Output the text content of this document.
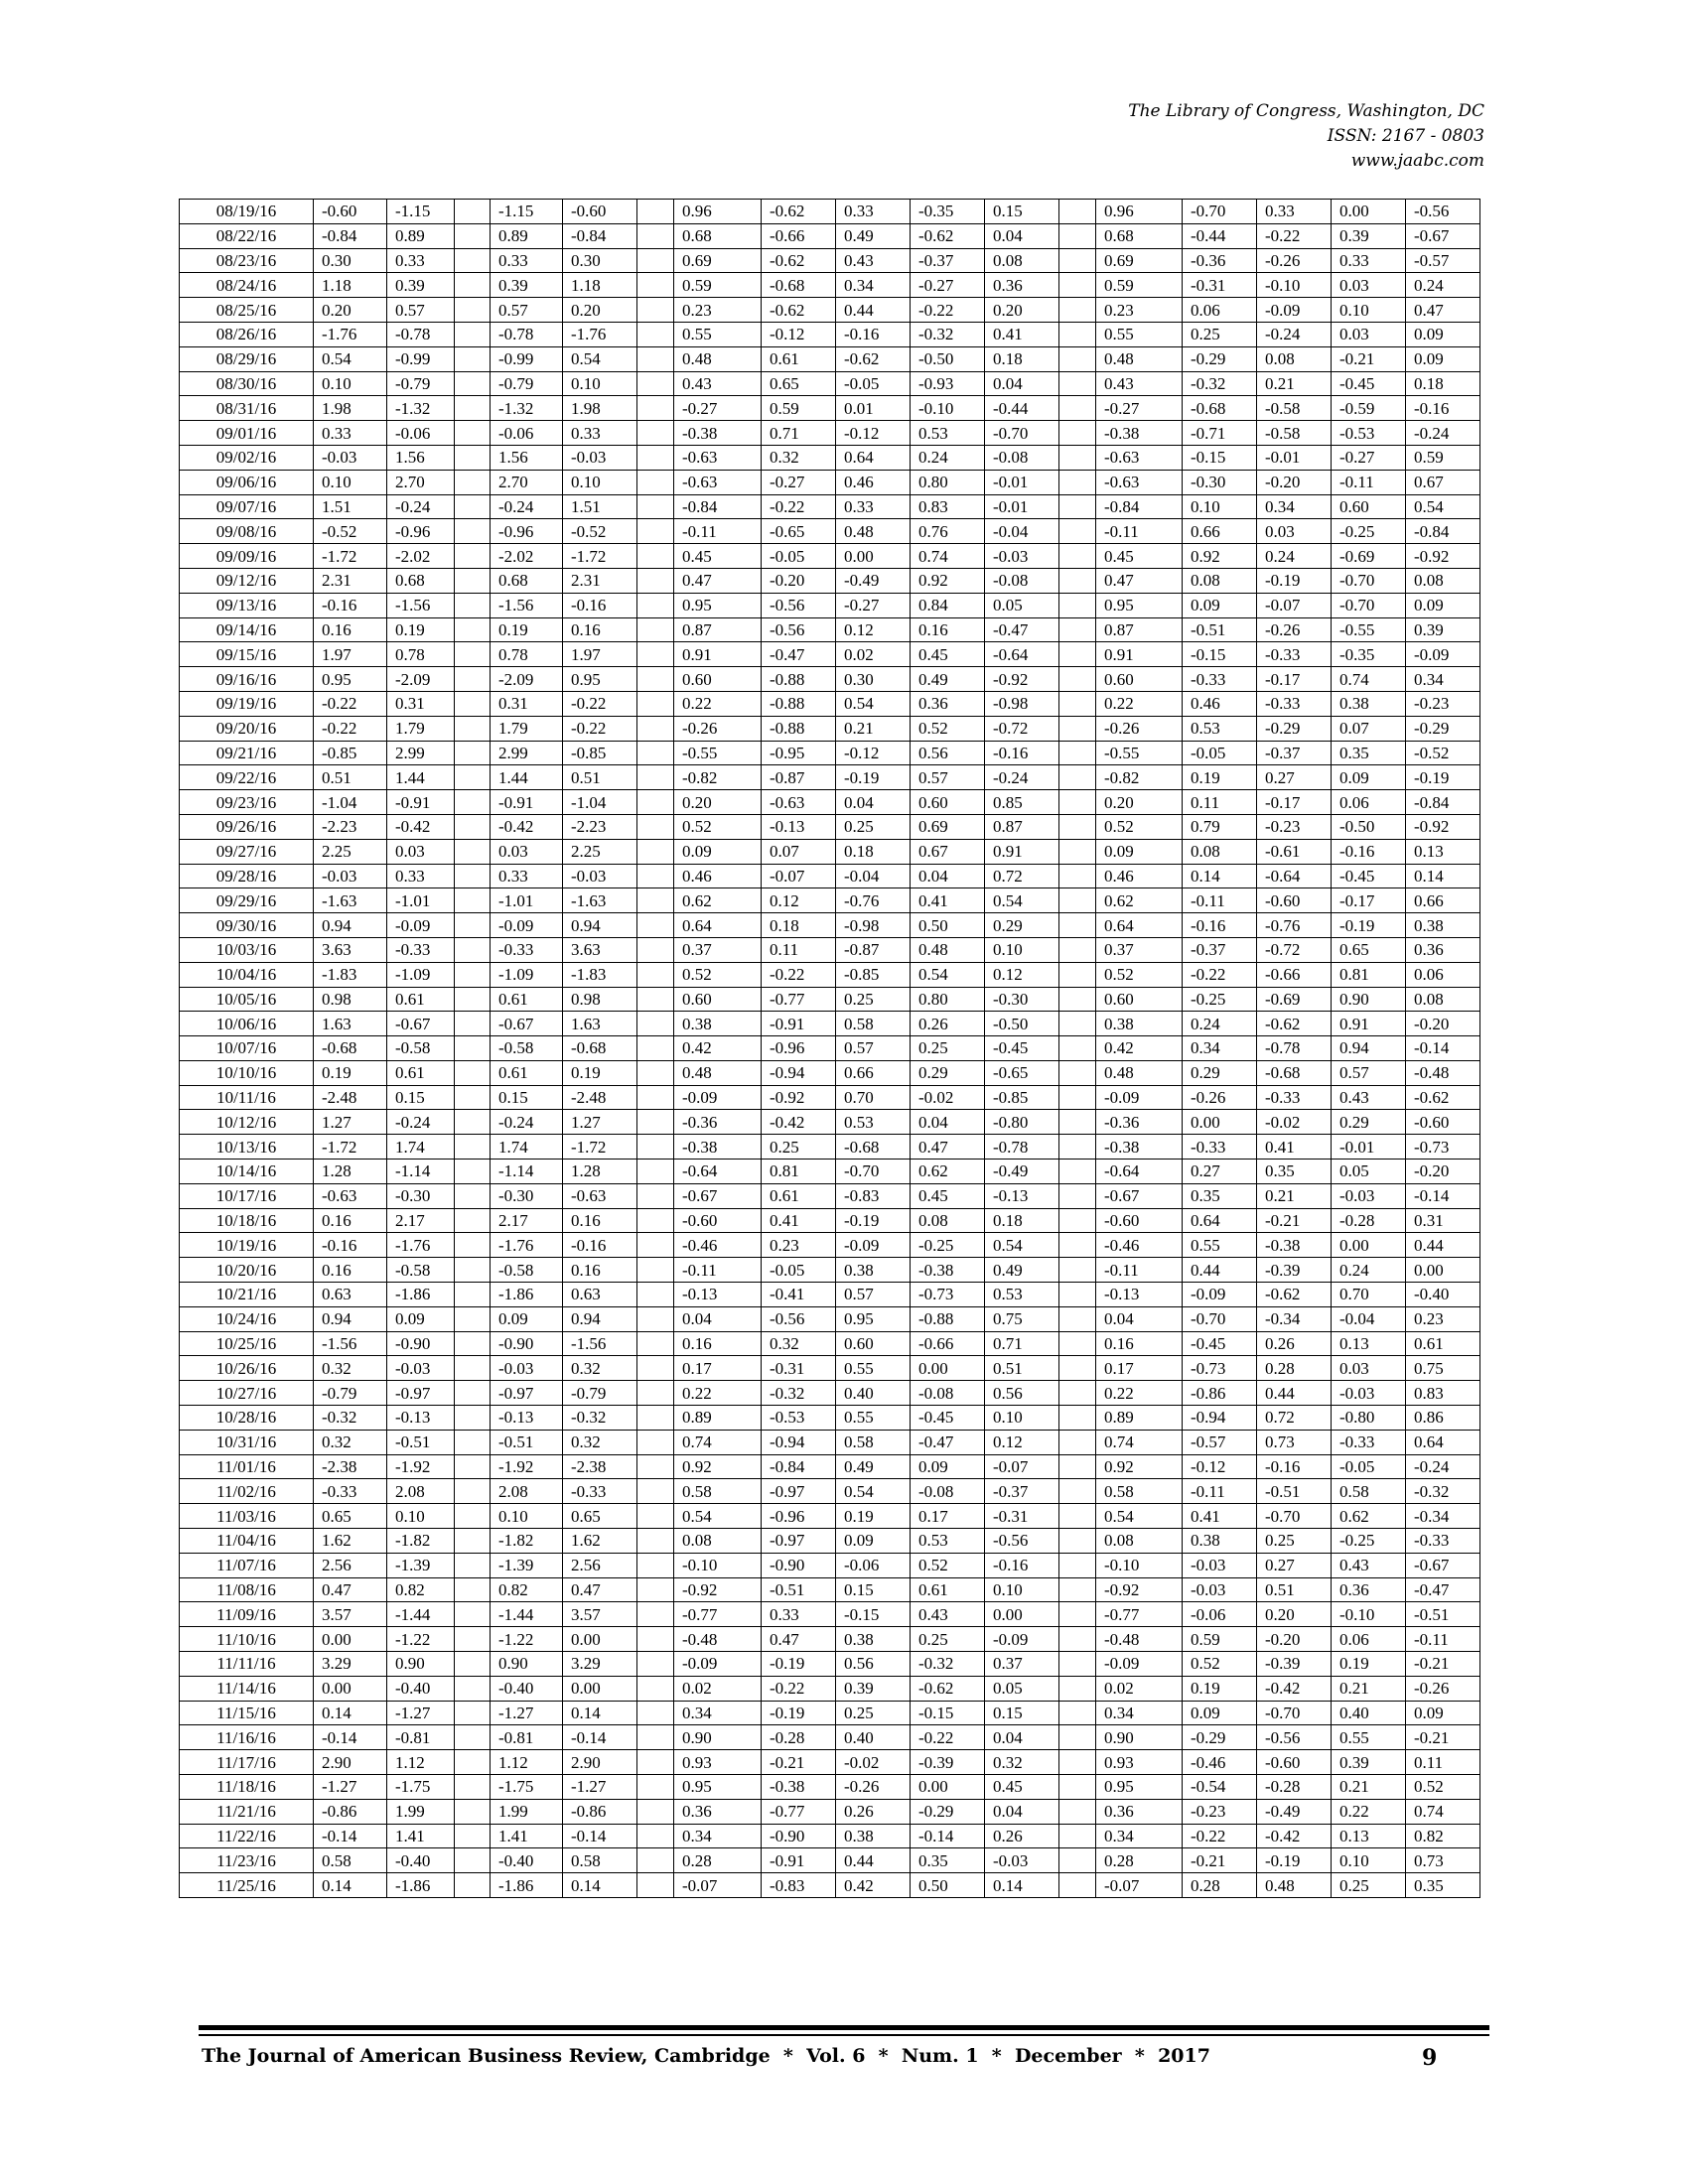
The Library of Congress, Washington, DC
ISSN: 2167 - 0803
www.jaabc.com
08/19/16	-0.60	-1.15		-1.15	-0.60		0.96	-0.62	0.33	-0.35	0.15		0.96	-0.70	0.33	0.00	-0.56
08/22/16	-0.84	0.89		0.89	-0.84		0.68	-0.66	0.49	-0.62	0.04		0.68	-0.44	-0.22	0.39	-0.67
08/23/16	0.30	0.33		0.33	0.30		0.69	-0.62	0.43	-0.37	0.08		0.69	-0.36	-0.26	0.33	-0.57
08/24/16	1.18	0.39		0.39	1.18		0.59	-0.68	0.34	-0.27	0.36		0.59	-0.31	-0.10	0.03	0.24
08/25/16	0.20	0.57		0.57	0.20		0.23	-0.62	0.44	-0.22	0.20		0.23	0.06	-0.09	0.10	0.47
08/26/16	-1.76	-0.78		-0.78	-1.76		0.55	-0.12	-0.16	-0.32	0.41		0.55	0.25	-0.24	0.03	0.09
08/29/16	0.54	-0.99		-0.99	0.54		0.48	0.61	-0.62	-0.50	0.18		0.48	-0.29	0.08	-0.21	0.09
08/30/16	0.10	-0.79		-0.79	0.10		0.43	0.65	-0.05	-0.93	0.04		0.43	-0.32	0.21	-0.45	0.18
08/31/16	1.98	-1.32		-1.32	1.98		-0.27	0.59	0.01	-0.10	-0.44		-0.27	-0.68	-0.58	-0.59	-0.16
09/01/16	0.33	-0.06		-0.06	0.33		-0.38	0.71	-0.12	0.53	-0.70		-0.38	-0.71	-0.58	-0.53	-0.24
09/02/16	-0.03	1.56		1.56	-0.03		-0.63	0.32	0.64	0.24	-0.08		-0.63	-0.15	-0.01	-0.27	0.59
09/06/16	0.10	2.70		2.70	0.10		-0.63	-0.27	0.46	0.80	-0.01		-0.63	-0.30	-0.20	-0.11	0.67
09/07/16	1.51	-0.24		-0.24	1.51		-0.84	-0.22	0.33	0.83	-0.01		-0.84	0.10	0.34	0.60	0.54
09/08/16	-0.52	-0.96		-0.96	-0.52		-0.11	-0.65	0.48	0.76	-0.04		-0.11	0.66	0.03	-0.25	-0.84
09/09/16	-1.72	-2.02		-2.02	-1.72		0.45	-0.05	0.00	0.74	-0.03		0.45	0.92	0.24	-0.69	-0.92
09/12/16	2.31	0.68		0.68	2.31		0.47	-0.20	-0.49	0.92	-0.08		0.47	0.08	-0.19	-0.70	0.08
09/13/16	-0.16	-1.56		-1.56	-0.16		0.95	-0.56	-0.27	0.84	0.05		0.95	0.09	-0.07	-0.70	0.09
09/14/16	0.16	0.19		0.19	0.16		0.87	-0.56	0.12	0.16	-0.47		0.87	-0.51	-0.26	-0.55	0.39
09/15/16	1.97	0.78		0.78	1.97		0.91	-0.47	0.02	0.45	-0.64		0.91	-0.15	-0.33	-0.35	-0.09
09/16/16	0.95	-2.09		-2.09	0.95		0.60	-0.88	0.30	0.49	-0.92		0.60	-0.33	-0.17	0.74	0.34
09/19/16	-0.22	0.31		0.31	-0.22		0.22	-0.88	0.54	0.36	-0.98		0.22	0.46	-0.33	0.38	-0.23
09/20/16	-0.22	1.79		1.79	-0.22		-0.26	-0.88	0.21	0.52	-0.72		-0.26	0.53	-0.29	0.07	-0.29
09/21/16	-0.85	2.99		2.99	-0.85		-0.55	-0.95	-0.12	0.56	-0.16		-0.55	-0.05	-0.37	0.35	-0.52
09/22/16	0.51	1.44		1.44	0.51		-0.82	-0.87	-0.19	0.57	-0.24		-0.82	0.19	0.27	0.09	-0.19
09/23/16	-1.04	-0.91		-0.91	-1.04		0.20	-0.63	0.04	0.60	0.85		0.20	0.11	-0.17	0.06	-0.84
09/26/16	-2.23	-0.42		-0.42	-2.23		0.52	-0.13	0.25	0.69	0.87		0.52	0.79	-0.23	-0.50	-0.92
09/27/16	2.25	0.03		0.03	2.25		0.09	0.07	0.18	0.67	0.91		0.09	0.08	-0.61	-0.16	0.13
09/28/16	-0.03	0.33		0.33	-0.03		0.46	-0.07	-0.04	0.04	0.72		0.46	0.14	-0.64	-0.45	0.14
09/29/16	-1.63	-1.01		-1.01	-1.63		0.62	0.12	-0.76	0.41	0.54		0.62	-0.11	-0.60	-0.17	0.66
09/30/16	0.94	-0.09		-0.09	0.94		0.64	0.18	-0.98	0.50	0.29		0.64	-0.16	-0.76	-0.19	0.38
10/03/16	3.63	-0.33		-0.33	3.63		0.37	0.11	-0.87	0.48	0.10		0.37	-0.37	-0.72	0.65	0.36
10/04/16	-1.83	-1.09		-1.09	-1.83		0.52	-0.22	-0.85	0.54	0.12		0.52	-0.22	-0.66	0.81	0.06
10/05/16	0.98	0.61		0.61	0.98		0.60	-0.77	0.25	0.80	-0.30		0.60	-0.25	-0.69	0.90	0.08
10/06/16	1.63	-0.67		-0.67	1.63		0.38	-0.91	0.58	0.26	-0.50		0.38	0.24	-0.62	0.91	-0.20
10/07/16	-0.68	-0.58		-0.58	-0.68		0.42	-0.96	0.57	0.25	-0.45		0.42	0.34	-0.78	0.94	-0.14
10/10/16	0.19	0.61		0.61	0.19		0.48	-0.94	0.66	0.29	-0.65		0.48	0.29	-0.68	0.57	-0.48
10/11/16	-2.48	0.15		0.15	-2.48		-0.09	-0.92	0.70	-0.02	-0.85		-0.09	-0.26	-0.33	0.43	-0.62
10/12/16	1.27	-0.24		-0.24	1.27		-0.36	-0.42	0.53	0.04	-0.80		-0.36	0.00	-0.02	0.29	-0.60
10/13/16	-1.72	1.74		1.74	-1.72		-0.38	0.25	-0.68	0.47	-0.78		-0.38	-0.33	0.41	-0.01	-0.73
10/14/16	1.28	-1.14		-1.14	1.28		-0.64	0.81	-0.70	0.62	-0.49		-0.64	0.27	0.35	0.05	-0.20
10/17/16	-0.63	-0.30		-0.30	-0.63		-0.67	0.61	-0.83	0.45	-0.13		-0.67	0.35	0.21	-0.03	-0.14
10/18/16	0.16	2.17		2.17	0.16		-0.60	0.41	-0.19	0.08	0.18		-0.60	0.64	-0.21	-0.28	0.31
10/19/16	-0.16	-1.76		-1.76	-0.16		-0.46	0.23	-0.09	-0.25	0.54		-0.46	0.55	-0.38	0.00	0.44
10/20/16	0.16	-0.58		-0.58	0.16		-0.11	-0.05	0.38	-0.38	0.49		-0.11	0.44	-0.39	0.24	0.00
10/21/16	0.63	-1.86		-1.86	0.63		-0.13	-0.41	0.57	-0.73	0.53		-0.13	-0.09	-0.62	0.70	-0.40
10/24/16	0.94	0.09		0.09	0.94		0.04	-0.56	0.95	-0.88	0.75		0.04	-0.70	-0.34	-0.04	0.23
10/25/16	-1.56	-0.90		-0.90	-1.56		0.16	0.32	0.60	-0.66	0.71		0.16	-0.45	0.26	0.13	0.61
10/26/16	0.32	-0.03		-0.03	0.32		0.17	-0.31	0.55	0.00	0.51		0.17	-0.73	0.28	0.03	0.75
10/27/16	-0.79	-0.97		-0.97	-0.79		0.22	-0.32	0.40	-0.08	0.56		0.22	-0.86	0.44	-0.03	0.83
10/28/16	-0.32	-0.13		-0.13	-0.32		0.89	-0.53	0.55	-0.45	0.10		0.89	-0.94	0.72	-0.80	0.86
10/31/16	0.32	-0.51		-0.51	0.32		0.74	-0.94	0.58	-0.47	0.12		0.74	-0.57	0.73	-0.33	0.64
11/01/16	-2.38	-1.92		-1.92	-2.38		0.92	-0.84	0.49	0.09	-0.07		0.92	-0.12	-0.16	-0.05	-0.24
11/02/16	-0.33	2.08		2.08	-0.33		0.58	-0.97	0.54	-0.08	-0.37		0.58	-0.11	-0.51	0.58	-0.32
11/03/16	0.65	0.10		0.10	0.65		0.54	-0.96	0.19	0.17	-0.31		0.54	0.41	-0.70	0.62	-0.34
11/04/16	1.62	-1.82		-1.82	1.62		0.08	-0.97	0.09	0.53	-0.56		0.08	0.38	0.25	-0.25	-0.33
11/07/16	2.56	-1.39		-1.39	2.56		-0.10	-0.90	-0.06	0.52	-0.16		-0.10	-0.03	0.27	0.43	-0.67
11/08/16	0.47	0.82		0.82	0.47		-0.92	-0.51	0.15	0.61	0.10		-0.92	-0.03	0.51	0.36	-0.47
11/09/16	3.57	-1.44		-1.44	3.57		-0.77	0.33	-0.15	0.43	0.00		-0.77	-0.06	0.20	-0.10	-0.51
11/10/16	0.00	-1.22		-1.22	0.00		-0.48	0.47	0.38	0.25	-0.09		-0.48	0.59	-0.20	0.06	-0.11
11/11/16	3.29	0.90		0.90	3.29		-0.09	-0.19	0.56	-0.32	0.37		-0.09	0.52	-0.39	0.19	-0.21
11/14/16	0.00	-0.40		-0.40	0.00		0.02	-0.22	0.39	-0.62	0.05		0.02	0.19	-0.42	0.21	-0.26
11/15/16	0.14	-1.27		-1.27	0.14		0.34	-0.19	0.25	-0.15	0.15		0.34	0.09	-0.70	0.40	0.09
11/16/16	-0.14	-0.81		-0.81	-0.14		0.90	-0.28	0.40	-0.22	0.04		0.90	-0.29	-0.56	0.55	-0.21
11/17/16	2.90	1.12		1.12	2.90		0.93	-0.21	-0.02	-0.39	0.32		0.93	-0.46	-0.60	0.39	0.11
11/18/16	-1.27	-1.75		-1.75	-1.27		0.95	-0.38	-0.26	0.00	0.45		0.95	-0.54	-0.28	0.21	0.52
11/21/16	-0.86	1.99		1.99	-0.86		0.36	-0.77	0.26	-0.29	0.04		0.36	-0.23	-0.49	0.22	0.74
11/22/16	-0.14	1.41		1.41	-0.14		0.34	-0.90	0.38	-0.14	0.26		0.34	-0.22	-0.42	0.13	0.82
11/23/16	0.58	-0.40		-0.40	0.58		0.28	-0.91	0.44	0.35	-0.03		0.28	-0.21	-0.19	0.10	0.73
11/25/16	0.14	-1.86		-1.86	0.14		-0.07	-0.83	0.42	0.50	0.14		-0.07	0.28	0.48	0.25	0.35
The Journal of American Business Review, Cambridge  *  Vol. 6  *  Num. 1  *  December  *  2017	9
